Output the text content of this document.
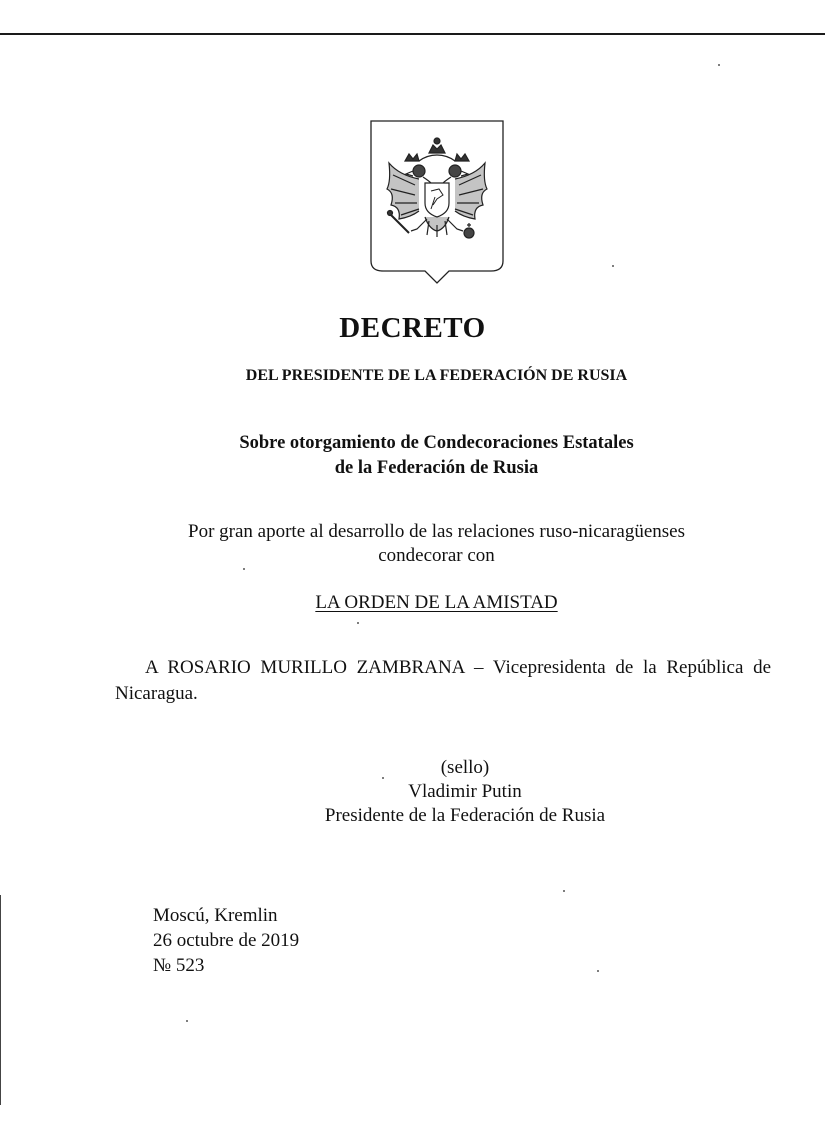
DECRETO
DEL PRESIDENTE DE LA FEDERACIÓN DE RUSIA
Sobre otorgamiento de Condecoraciones Estatales
de la Federación de Rusia
Por gran aporte al desarrollo de las relaciones ruso-nicaragüenses
condecorar con
LA ORDEN DE LA AMISTAD
A ROSARIO MURILLO ZAMBRANA – Vicepresidenta de la República de Nicaragua.
(sello)
Vladimir Putin
Presidente de la Federación de Rusia
Moscú, Kremlin
26 octubre de 2019
№ 523
